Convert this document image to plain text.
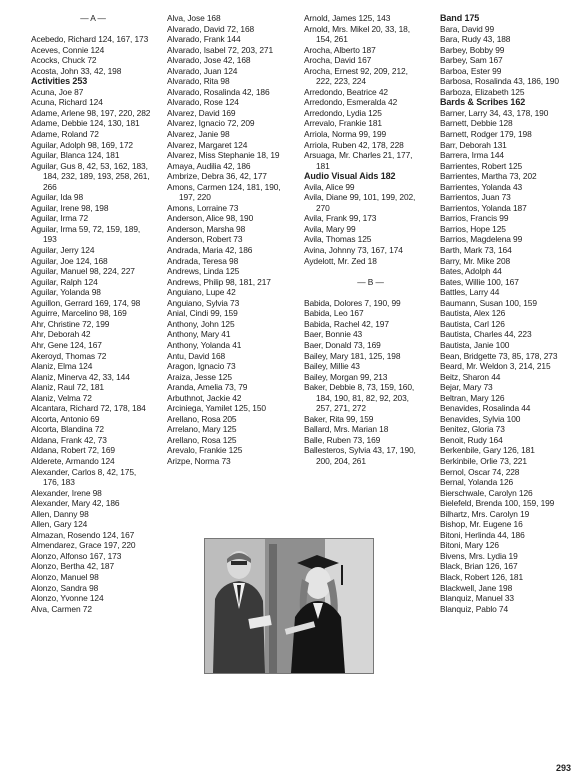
— A —

Acebedo, Richard 124, 167, 173
Aceves, Connie 124
Acocks, Chuck 72
Acosta, John 33, 42, 198
Activities 253
Acuna, Joe 87
Acuna, Richard 124
Adame, Arlene 98, 197, 220, 282
Adame, Debbie 124, 130, 181
Adame, Roland 72
Aguilar, Adolph 98, 169, 172
Aguilar, Blanca 124, 181
Aguilar, Gus 8, 42, 53, 162, 183,
184, 232, 189, 193, 258, 261,
266
Aguilar, Ida 98
Aguilar, Irene 98, 198
Aguilar, Irma 72
Aguilar, Irma 59, 72, 159, 189,
193
Aguilar, Jerry 124
Aguilar, Joe 124, 168
Aguilar, Manuel 98, 224, 227
Aguilar, Ralph 124
Aguilar, Yolanda 98
Aguillon, Gerrard 169, 174, 98
Aguirre, Marcelino 98, 169
Ahr, Christine 72, 199
Ahr, Deborah 42
Ahr, Gene 124, 167
Akeroyd, Thomas 72
Alaniz, Elma 124
Alaniz, Minerva 42, 33, 144
Alaniz, Raul 72, 181
Alaniz, Velma 72
Alcantara, Richard 72, 178, 184
Alcorta, Antonio 69
Alcorta, Blandina 72
Aldana, Frank 42, 73
Aldana, Robert 72, 169
Alderete, Armando 124
Alexander, Carlos 8, 42, 175,
176, 183
Alexander, Irene 98
Alexander, Mary 42, 186
Allen, Danny 98
Allen, Gary 124
Almazan, Rosendo 124, 167
Almendarez, Grace 197, 220
Alonzo, Alfonso 167, 173
Alonzo, Bertha 42, 187
Alonzo, Manuel 98
Alonzo, Sandra 98
Alonzo, Yvonne 124
Alva, Carmen 72
Alva, Jose 168
Alvarado, David 72, 168
Alvarado, Frank 144
Alvarado, Isabel 72, 203, 271
Alvarado, Jose 42, 168
Alvarado, Juan 124
Alvarado, Rita 98
Alvarado, Rosalinda 42, 186
Alvarado, Rose 124
Alvarez, David 169
Alvarez, Ignacio 72, 209
Alvarez, Janie 98
Alvarez, Margaret 124
Alvarez, Miss Stephanie 18, 19
Amaya, Audilia 42, 186
Ambrize, Debra 36, 42, 177
Amons, Carmen 124, 181, 190,
197, 220
Amons, Lorraine 73
Anderson, Alice 98, 190
Anderson, Marsha 98
Anderson, Robert 73
Andrada, Maria 42, 186
Andrada, Teresa 98
Andrews, Linda 125
Andrews, Philip 98, 181, 217
Anguiano, Lupe 42
Anguiano, Sylvia 73
Anial, Cindi 99, 159
Anthony, John 125
Anthony, Mary 41
Anthony, Yolanda 41
Antu, David 168
Aragon, Ignacio 73
Araiza, Jesse 125
Aranda, Amelia 73, 79
Arbuthnot, Jackie 42
Arciniega, Yamilet 125, 150
Arellano, Rosa 205
Arrelano, Mary 125
Arellano, Rosa 125
Arevalo, Frankie 125
Arizpe, Norma 73
Arnold, James 125, 143
Arnold, Mrs. Mikel 20, 33, 18,
154, 261
Arocha, Alberto 187
Arocha, David 167
Arocha, Ernest 92, 209, 212,
222, 223, 224
Arredondo, Beatrice 42
Arredondo, Esmeralda 42
Arredondo, Lydia 125
Arrevalo, Frankie 181
Arriola, Norma 99, 199
Arriola, Ruben 42, 178, 228
Arsuaga, Mr. Charles 21, 177,
181
Audio Visual Aids 182
Avila, Alice 99
Avila, Diane 99, 101, 199, 202,
270
Avila, Frank 99, 173
Avila, Mary 99
Avila, Thomas 125
Avina, Johnny 73, 167, 174
Aydelott, Mr. Zed 18

— B —

Babida, Dolores 7, 190, 99
Babida, Leo 167
Babida, Rachel 42, 197
Baer, Bonnie 43
Baer, Donald 73, 169
Bailey, Mary 181, 125, 198
Bailey, Millie 43
Bailey, Morgan 99, 213
Baker, Debbie 8, 73, 159, 160,
184, 190, 81, 82, 92, 203,
257, 271, 272
Baker, Rita 99, 159
Ballard, Mrs. Marian 18
Balle, Ruben 73, 169
Ballesteros, Sylvia 43, 17, 190,
200, 204, 261
Band 175
Bara, David 99
Bara, Rudy 43, 188
Barbey, Bobby 99
Barbey, Sam 167
Barboa, Ester 99
Barbosa, Rosalinda 43, 186, 190
Barboza, Elizabeth 125
Bards & Scribes 162
Barner, Larry 34, 43, 178, 190
Barnett, Debbie 128
Barnett, Rodger 179, 198
Barr, Deborah 131
Barrera, Irma 144
Barrientes, Robert 125
Barrientes, Martha 73, 202
Barrientes, Yolanda 43
Barrientos, Juan 73
Barrientos, Yolanda 187
Barrios, Francis 99
Barrios, Hope 125
Barrios, Magdelena 99
Barth, Mark 73, 164
Barry, Mr. Mike 208
Bates, Adolph 44
Bates, Willie 100, 167
Battles, Larry 44
Baumann, Susan 100, 159
Bautista, Alex 126
Bautista, Carl 126
Bautista, Charles 44, 223
Bautista, Janie 100
Bean, Bridgette 73, 85, 178, 273
Beard, Mr. Weldon 3, 214, 215
Beitz, Sharon 44
Bejar, Mary 73
Beltran, Mary 126
Benavides, Rosalinda 44
Benavides, Sylvia 100
Benitez, Gloria 73
Benoit, Rudy 164
Berkenbile, Gary 126, 181
Berkinbile, Orlie 73, 221
Bernol, Oscar 74, 228
Bernal, Yolanda 126
Bierschwale, Carolyn 126
Bielefeld, Brenda 100, 159, 199
Bilhartz, Mrs. Carolyn 19
Bishop, Mr. Eugene 16
Bitoni, Herlinda 44, 186
Bitoni, Mary 126
Bivens, Mrs. Lydia 19
Black, Brian 126, 167
Black, Robert 126, 181
Blackwell, Jane 198
Blanquiz, Manuel 33
Blanquiz, Pablo 74
293
